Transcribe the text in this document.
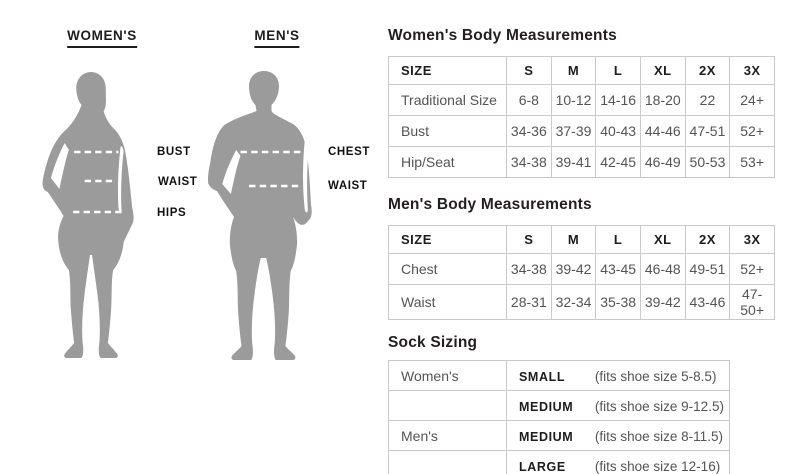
WOMEN'S	MEN'S
BUST
WAIST
HIPS
CHEST
WAIST
Women's Body Measurements
SIZE	S	M	L	XL	2X	3X
Traditional Size	6-8	10-12	14-16	18-20	22	24+
Bust	34-36	37-39	40-43	44-46	47-51	52+
Hip/Seat	34-38	39-41	42-45	46-49	50-53	53+
Men's Body Measurements
SIZE	S	M	L	XL	2X	3X
Chest	34-38	39-42	43-45	46-48	49-51	52+
Waist	28-31	32-34	35-38	39-42	43-46	47-50+
Sock Sizing
Women's	SMALL (fits shoe size 5-8.5)
	MEDIUM (fits shoe size 9-12.5)
Men's	MEDIUM (fits shoe size 8-11.5)
	LARGE (fits shoe size 12-16)
